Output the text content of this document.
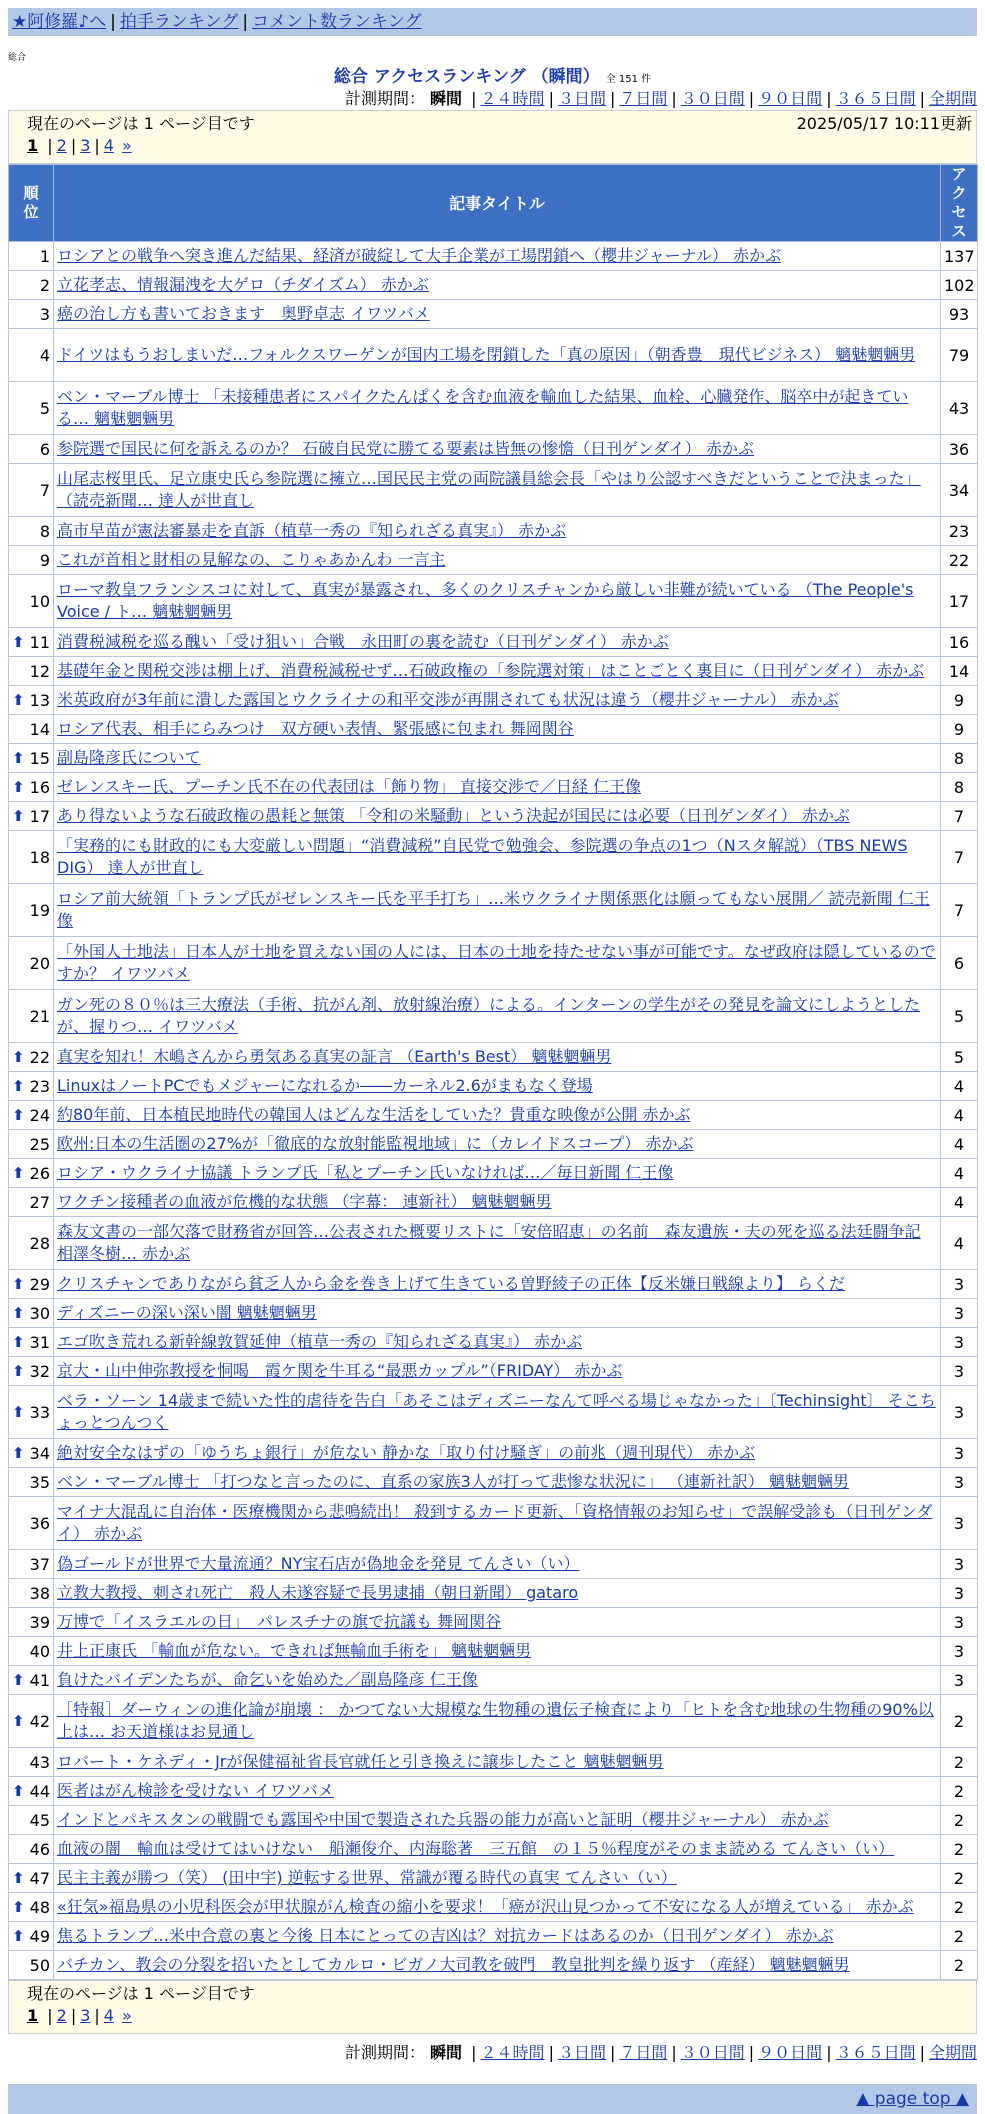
★阿修羅♪へ | 拍手ランキング | コメント数ランキング
総合
総合 アクセスランキング （瞬間） 全 151 件
計測期間： 瞬間 | ２４時間 | ３日間 | ７日間 | ３０日間 | ９０日間 | ３６５日間 | 全期間
現在のページは 1 ページ目です	2025/05/17 10:11更新
1 | 2 | 3 | 4 »
順位	記事タイトル	アクセス
1	ロシアとの戦争へ突き進んだ結果、経済が破綻して大手企業が工場閉鎖へ（櫻井ジャーナル） 赤かぶ	137
2	立花孝志、情報漏洩を大ゲロ（チダイズム） 赤かぶ	102
3	癌の治し方も書いておきます　奥野卓志 イワツバメ	93
4	ドイツはもうおしまいだ…フォルクスワーゲンが国内工場を閉鎖した「真の原因」（朝香豊　現代ビジネス） 魑魅魍魎男	79
5	ベン・マーブル博士 「未接種患者にスパイクたんぱくを含む血液を輸血した結果、血栓、心臓発作、脳卒中が起きている… 魑魅魍魎男	43
6	参院選で国民に何を訴えるのか？ 石破自民党に勝てる要素は皆無の惨憺（日刊ゲンダイ） 赤かぶ	36
7	山尾志桜里氏、足立康史氏ら参院選に擁立…国民民主党の両院議員総会長「やはり公認すべきだということで決まった」（読売新聞… 達人が世直し	34
8	高市早苗が憲法審暴走を直訴（植草一秀の『知られざる真実』） 赤かぶ	23
9	これが首相と財相の見解なの、こりゃあかんわ 一言主	22
10	ローマ教皇フランシスコに対して、真実が暴露され、多くのクリスチャンから厳しい非難が続いている （The People's Voice / ト… 魑魅魍魎男	17

⬆ 11	消費税減税を巡る醜い「受け狙い」合戦　永田町の裏を読む（日刊ゲンダイ） 赤かぶ	16
12	基礎年金と関税交渉は棚上げ、消費税減税せず…石破政権の「参院選対策」はことごとく裏目に（日刊ゲンダイ） 赤かぶ	14

⬆ 13	米英政府が3年前に潰した露国とウクライナの和平交渉が再開されても状況は違う（櫻井ジャーナル） 赤かぶ	9
14	ロシア代表、相手にらみつけ　双方硬い表情、緊張感に包まれ 舞岡関谷	9

⬆ 15	副島隆彦氏について	8

⬆ 16	ゼレンスキー氏、プーチン氏不在の代表団は「飾り物」 直接交渉で／日経 仁王像	8

⬆ 17	あり得ないような石破政権の愚耗と無策 「令和の米騒動」という決起が国民には必要（日刊ゲンダイ） 赤かぶ	7
18	「実務的にも財政的にも大変厳しい問題」“消費減税”自民党で勉強会、参院選の争点の1つ（Nスタ解説）（TBS NEWS DIG） 達人が世直し	7
19	ロシア前大統領「トランプ氏がゼレンスキー氏を平手打ち」…米ウクライナ関係悪化は願ってもない展開／ 読売新聞 仁王像	7
20	「外国人土地法」日本人が土地を買えない国の人には、日本の土地を持たせない事が可能です。なぜ政府は隠しているのですか？ イワツバメ	6
21	ガン死の８０％は三大療法（手術、抗がん剤、放射線治療）による。インターンの学生がその発見を論文にしようとしたが、握りつ… イワツバメ	5

⬆ 22	真実を知れ！木嶋さんから勇気ある真実の証言 （Earth's Best） 魑魅魍魎男	5

⬆ 23	LinuxはノートPCでもメジャーになれるか――カーネル2.6がまもなく登場	4

⬆ 24	約80年前、日本植民地時代の韓国人はどんな生活をしていた？貴重な映像が公開 赤かぶ	4
25	欧州:日本の生活圏の27%が「徹底的な放射能監視地域」に（カレイドスコープ） 赤かぶ	4

⬆ 26	ロシア・ウクライナ協議 トランプ氏「私とプーチン氏いなければ…／毎日新聞 仁王像	4
27	ワクチン接種者の血液が危機的な状態 （字幕： 連新社） 魑魅魍魎男	4
28	森友文書の一部欠落で財務省が回答…公表された概要リストに「安倍昭恵」の名前　森友遺族・夫の死を巡る法廷闘争記 相澤冬樹… 赤かぶ	4

⬆ 29	クリスチャンでありながら貧乏人から金を巻き上げて生きている曽野綾子の正体【反米嫌日戦線より】 らくだ	3

⬆ 30	ディズニーの深い深い闇 魑魅魍魎男	3

⬆ 31	エゴ吹き荒れる新幹線敦賀延伸（植草一秀の『知られざる真実』） 赤かぶ	3

⬆ 32	京大・山中伸弥教授を恫喝　霞ケ関を牛耳る“最悪カップル”（FRIDAY） 赤かぶ	3

⬆ 33	ベラ・ソーン 14歳まで続いた性的虐待を告白「あそこはディズニーなんて呼べる場じゃなかった」〔Techinsight〕 そこちょっとつんつく	3

⬆ 34	絶対安全なはずの「ゆうちょ銀行」が危ない 静かな「取り付け騒ぎ」の前兆（週刊現代） 赤かぶ	3
35	ベン・マーブル博士 「打つなと言ったのに、直系の家族3人が打って悲惨な状況に」 （連新社訳） 魑魅魍魎男	3
36	マイナ大混乱に自治体・医療機関から悲鳴続出！ 殺到するカード更新、「資格情報のお知らせ」で誤解受診も（日刊ゲンダイ） 赤かぶ	3
37	偽ゴールドが世界で大量流通？NY宝石店が偽地金を発見 てんさい（い）	3
38	立教大教授、刺され死亡　殺人未遂容疑で長男逮捕（朝日新聞） gataro	3
39	万博で「イスラエルの日」　パレスチナの旗で抗議も 舞岡関谷	3
40	井上正康氏 「輸血が危ない。できれば無輸血手術を」 魑魅魍魎男	3

⬆ 41	負けたバイデンたちが、命乞いを始めた／副島隆彦 仁王像	3

⬆ 42	［特報］ダーウィンの進化論が崩壊 ： かつてない大規模な生物種の遺伝子検査により「ヒトを含む地球の生物種の90%以上は… お天道様はお見通し	2
43	ロバート・ケネディ・Jrが保健福祉省長官就任と引き換えに譲歩したこと 魑魅魍魎男	2

⬆ 44	医者はがん検診を受けない イワツバメ	2
45	インドとパキスタンの戦闘でも露国や中国で製造された兵器の能力が高いと証明（櫻井ジャーナル） 赤かぶ	2
46	血液の闇　輸血は受けてはいけない　船瀬俊介、内海聡著　三五館　の１５％程度がそのまま読める てんさい（い）	2

⬆ 47	民主主義が勝つ（笑） (田中宇) 逆転する世界、常識が覆る時代の真実 てんさい（い）	2

⬆ 48	«狂気»福島県の小児科医会が甲状腺がん検査の縮小を要求！「癌が沢山見つかって不安になる人が増えている」 赤かぶ	2

⬆ 49	焦るトランプ…米中合意の裏と今後 日本にとっての吉凶は？対抗カードはあるのか（日刊ゲンダイ） 赤かぶ	2
50	バチカン、教会の分裂を招いたとしてカルロ・ビガノ大司教を破門　教皇批判を繰り返す （産経） 魑魅魍魎男	2
現在のページは 1 ページ目です
1 | 2 | 3 | 4 »
計測期間： 瞬間 | ２４時間 | ３日間 | ７日間 | ３０日間 | ９０日間 | ３６５日間 | 全期間
▲ page top ▲
